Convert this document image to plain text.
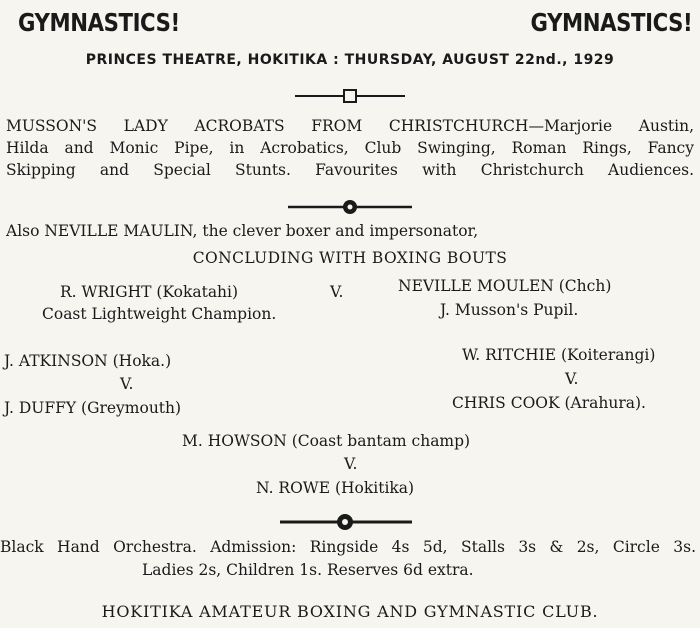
GYMNASTICS!	GYMNASTICS!
PRINCES THEATRE, HOKITIKA : THURSDAY, AUGUST 22nd., 1929
MUSSON'S LADY ACROBATS FROM CHRISTCHURCH—Marjorie Austin,
Hilda and Monic Pipe, in Acrobatics, Club Swinging, Roman Rings, Fancy
Skipping and Special Stunts. Favourites with Christchurch Audiences.
Also NEVILLE MAULIN, the clever boxer and impersonator,
CONCLUDING WITH BOXING BOUTS
R. WRIGHT (Kokatahi)	V.	NEVILLE MOULEN (Chch)
Coast Lightweight Champion.	J. Musson's Pupil.
J. ATKINSON (Hoka.)
V.
J. DUFFY (Greymouth)
W. RITCHIE (Koiterangi)
V.
CHRIS COOK (Arahura).
M. HOWSON (Coast bantam champ)
V.
N. ROWE (Hokitika)
Black Hand Orchestra. Admission: Ringside 4s 5d, Stalls 3s & 2s, Circle 3s.
Ladies 2s, Children 1s. Reserves 6d extra.
HOKITIKA AMATEUR BOXING AND GYMNASTIC CLUB.
